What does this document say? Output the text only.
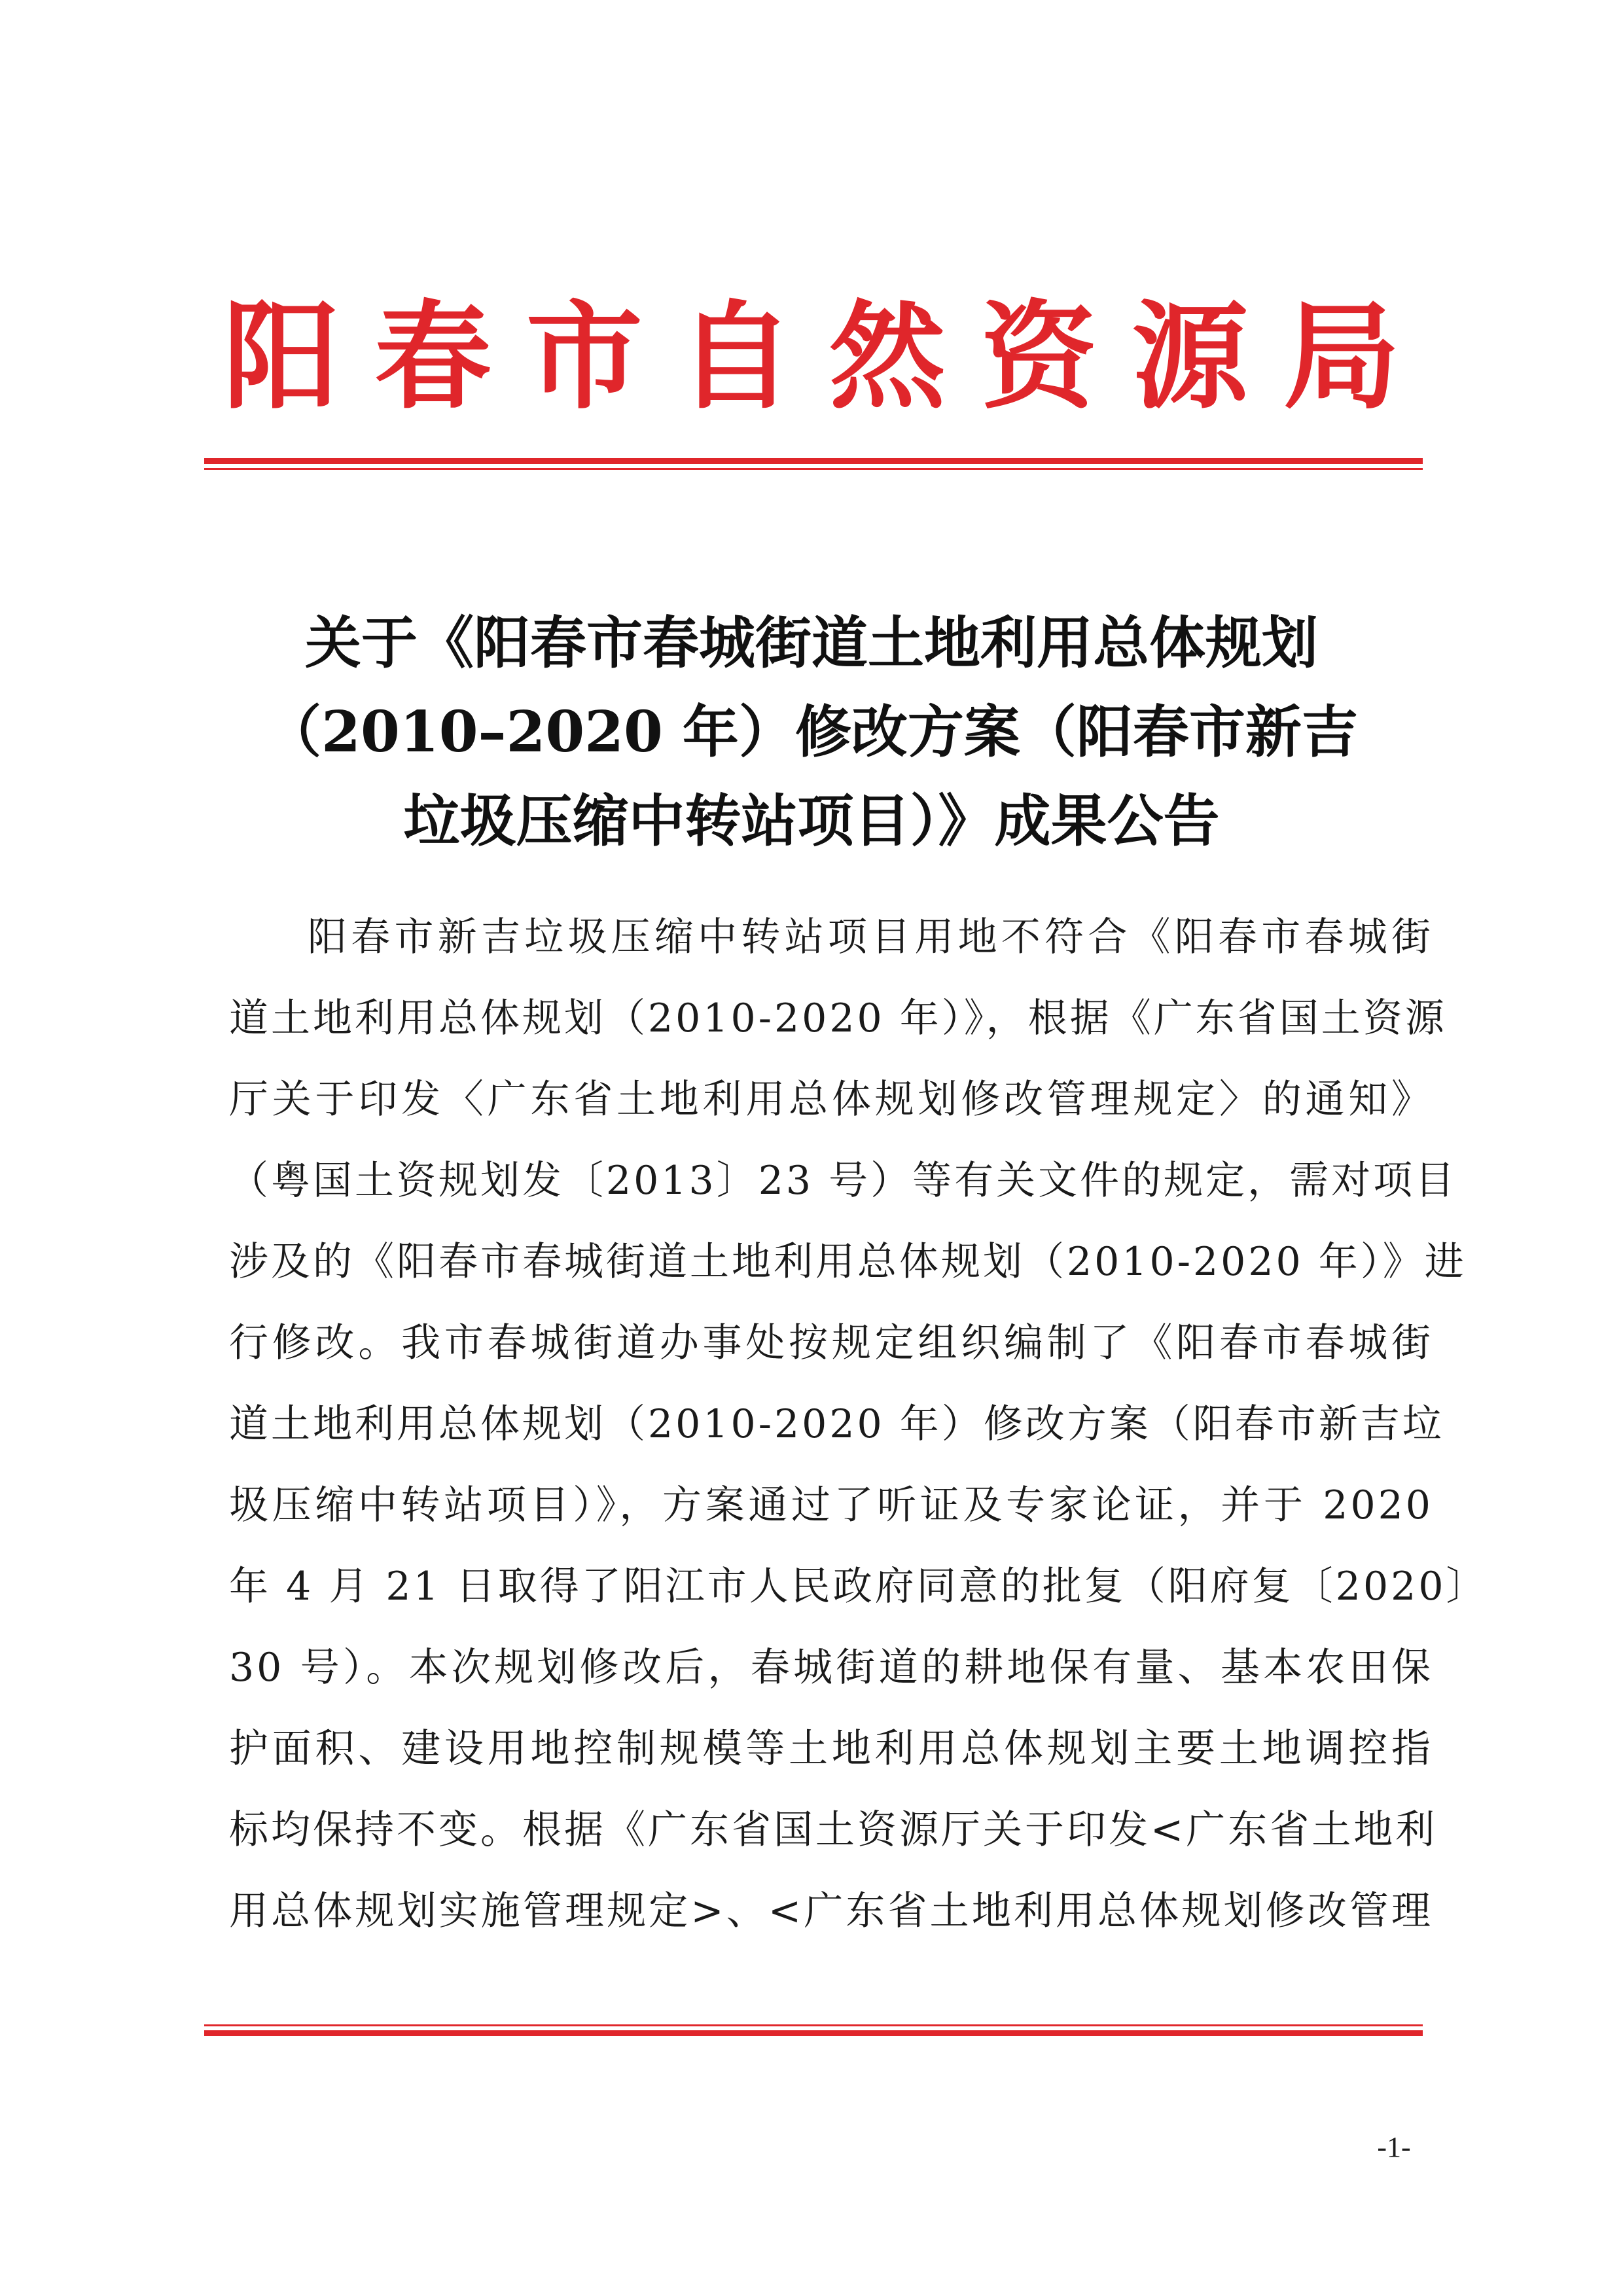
阳 春 市 自 然 资 源 局
关于《阳春市春城街道土地利用总体规划
（2010–2020 年）修改方案（阳春市新吉
垃圾压缩中转站项目）》成果公告
阳春市新吉垃圾压缩中转站项目用地不符合《阳春市春城街
道土地利用总体规划（2010-2020 年）》，根据《广东省国土资源
厅关于印发〈广东省土地利用总体规划修改管理规定〉的通知》
（粤国土资规划发〔2013〕23 号）等有关文件的规定，需对项目
涉及的《阳春市春城街道土地利用总体规划（2010-2020 年）》进
行修改。我市春城街道办事处按规定组织编制了《阳春市春城街
道土地利用总体规划（2010-2020 年）修改方案（阳春市新吉垃
圾压缩中转站项目）》，方案通过了听证及专家论证，并于 2020
年 4 月 21 日取得了阳江市人民政府同意的批复（阳府复〔2020〕
30 号）。本次规划修改后，春城街道的耕地保有量、基本农田保
护面积、建设用地控制规模等土地利用总体规划主要土地调控指
标均保持不变。根据《广东省国土资源厅关于印发<广东省土地利
用总体规划实施管理规定>、<广东省土地利用总体规划修改管理
-1-
